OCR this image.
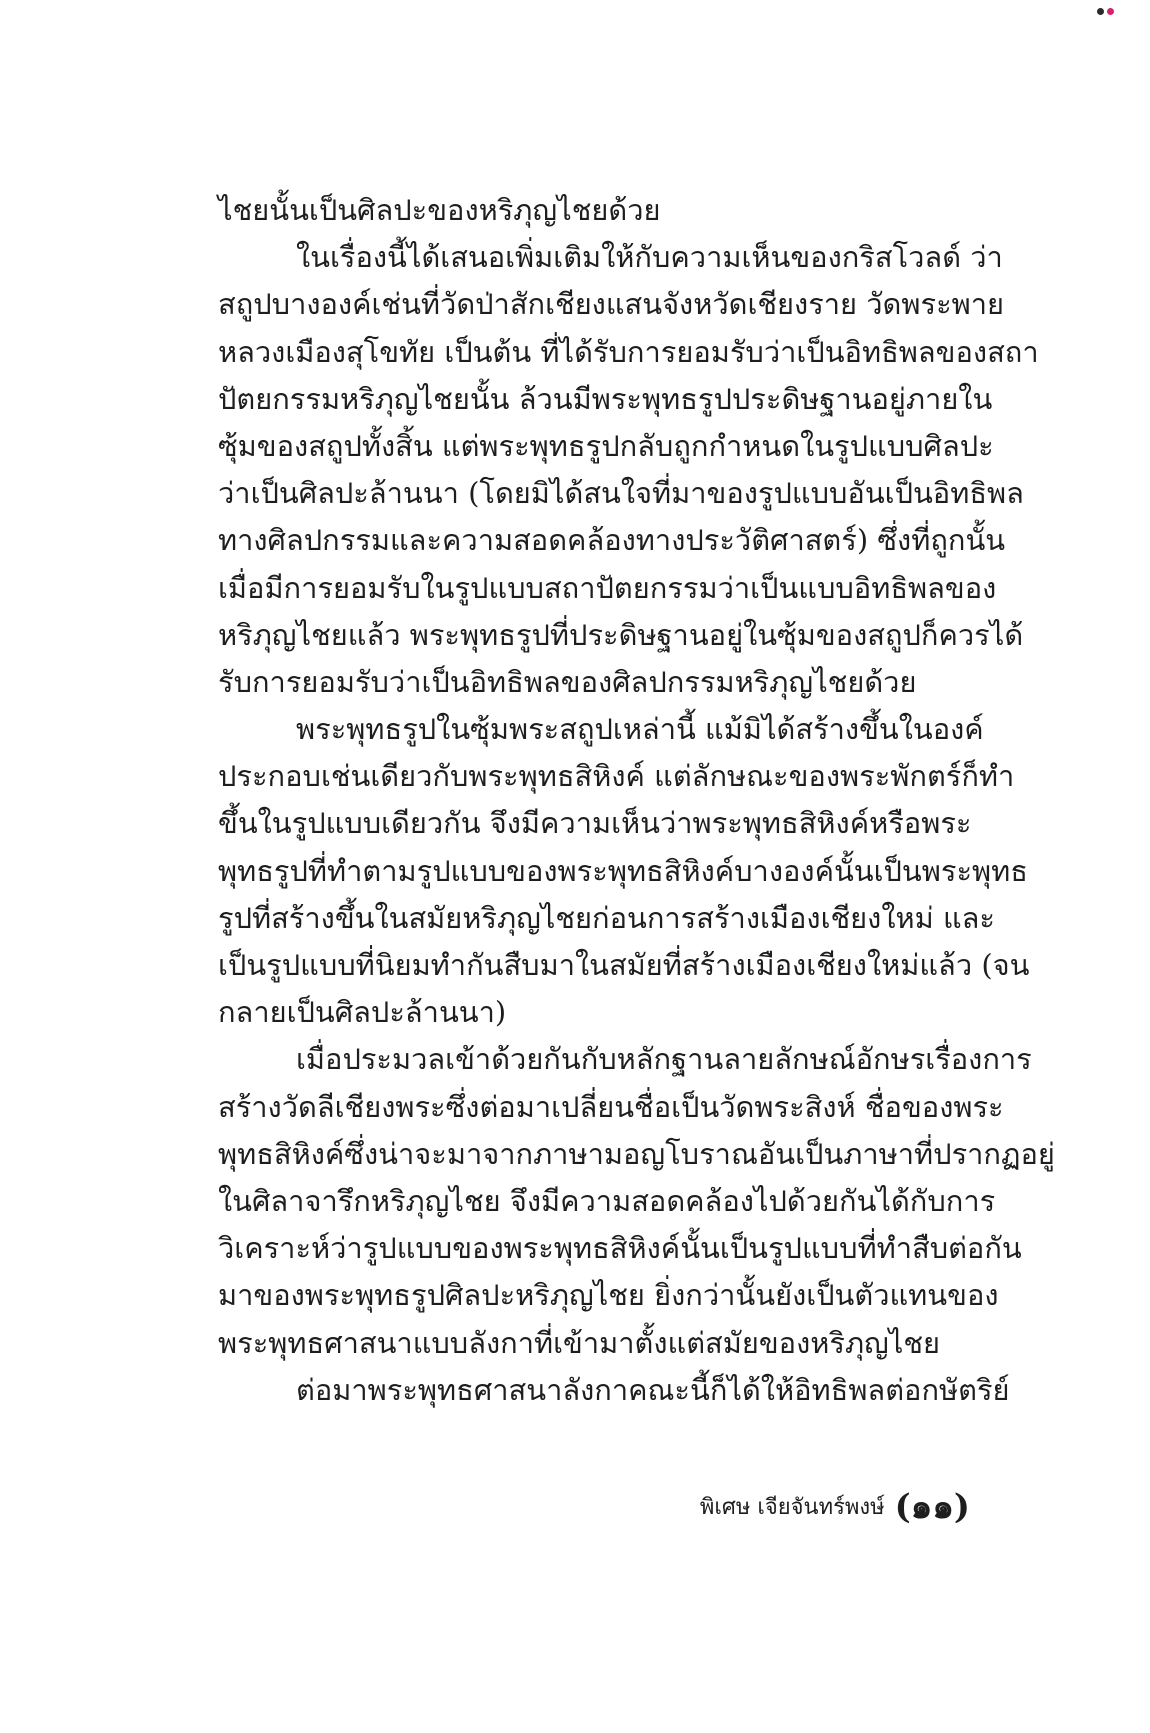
ไชยนั้นเป็นศิลปะของหริภุญไชยด้วย
ในเรื่องนี้ได้เสนอเพิ่มเติมให้กับความเห็นของกริสโวลด์ ว่า
สถูปบางองค์เช่นที่วัดป่าสักเชียงแสนจังหวัดเชียงราย วัดพระพาย
หลวงเมืองสุโขทัย เป็นต้น ที่ได้รับการยอมรับว่าเป็นอิทธิพลของสถา
ปัตยกรรมหริภุญไชยนั้น ล้วนมีพระพุทธรูปประดิษฐานอยู่ภายใน
ซุ้มของสถูปทั้งสิ้น แต่พระพุทธรูปกลับถูกกำหนดในรูปแบบศิลปะ
ว่าเป็นศิลปะล้านนา (โดยมิได้สนใจที่มาของรูปแบบอันเป็นอิทธิพล
ทางศิลปกรรมและความสอดคล้องทางประวัติศาสตร์) ซึ่งที่ถูกนั้น
เมื่อมีการยอมรับในรูปแบบสถาปัตยกรรมว่าเป็นแบบอิทธิพลของ
หริภุญไชยแล้ว พระพุทธรูปที่ประดิษฐานอยู่ในซุ้มของสถูปก็ควรได้
รับการยอมรับว่าเป็นอิทธิพลของศิลปกรรมหริภุญไชยด้วย
พระพุทธรูปในซุ้มพระสถูปเหล่านี้ แม้มิได้สร้างขึ้นในองค์
ประกอบเช่นเดียวกับพระพุทธสิหิงค์ แต่ลักษณะของพระพักตร์ก็ทำ
ขึ้นในรูปแบบเดียวกัน จึงมีความเห็นว่าพระพุทธสิหิงค์หรือพระ
พุทธรูปที่ทำตามรูปแบบของพระพุทธสิหิงค์บางองค์นั้นเป็นพระพุทธ
รูปที่สร้างขึ้นในสมัยหริภุญไชยก่อนการสร้างเมืองเชียงใหม่ และ
เป็นรูปแบบที่นิยมทำกันสืบมาในสมัยที่สร้างเมืองเชียงใหม่แล้ว (จน
กลายเป็นศิลปะล้านนา)
เมื่อประมวลเข้าด้วยกันกับหลักฐานลายลักษณ์อักษรเรื่องการ
สร้างวัดลีเชียงพระซึ่งต่อมาเปลี่ยนชื่อเป็นวัดพระสิงห์ ชื่อของพระ
พุทธสิหิงค์ซึ่งน่าจะมาจากภาษามอญโบราณอันเป็นภาษาที่ปรากฏอยู่
ในศิลาจารึกหริภุญไชย จึงมีความสอดคล้องไปด้วยกันได้กับการ
วิเคราะห์ว่ารูปแบบของพระพุทธสิหิงค์นั้นเป็นรูปแบบที่ทำสืบต่อกัน
มาของพระพุทธรูปศิลปะหริภุญไชย ยิ่งกว่านั้นยังเป็นตัวแทนของ
พระพุทธศาสนาแบบลังกาที่เข้ามาตั้งแต่สมัยของหริภุญไชย
ต่อมาพระพุทธศาสนาลังกาคณะนี้ก็ได้ให้อิทธิพลต่อกษัตริย์
พิเศษ เจียจันทร์พงษ์ (๑๑)
